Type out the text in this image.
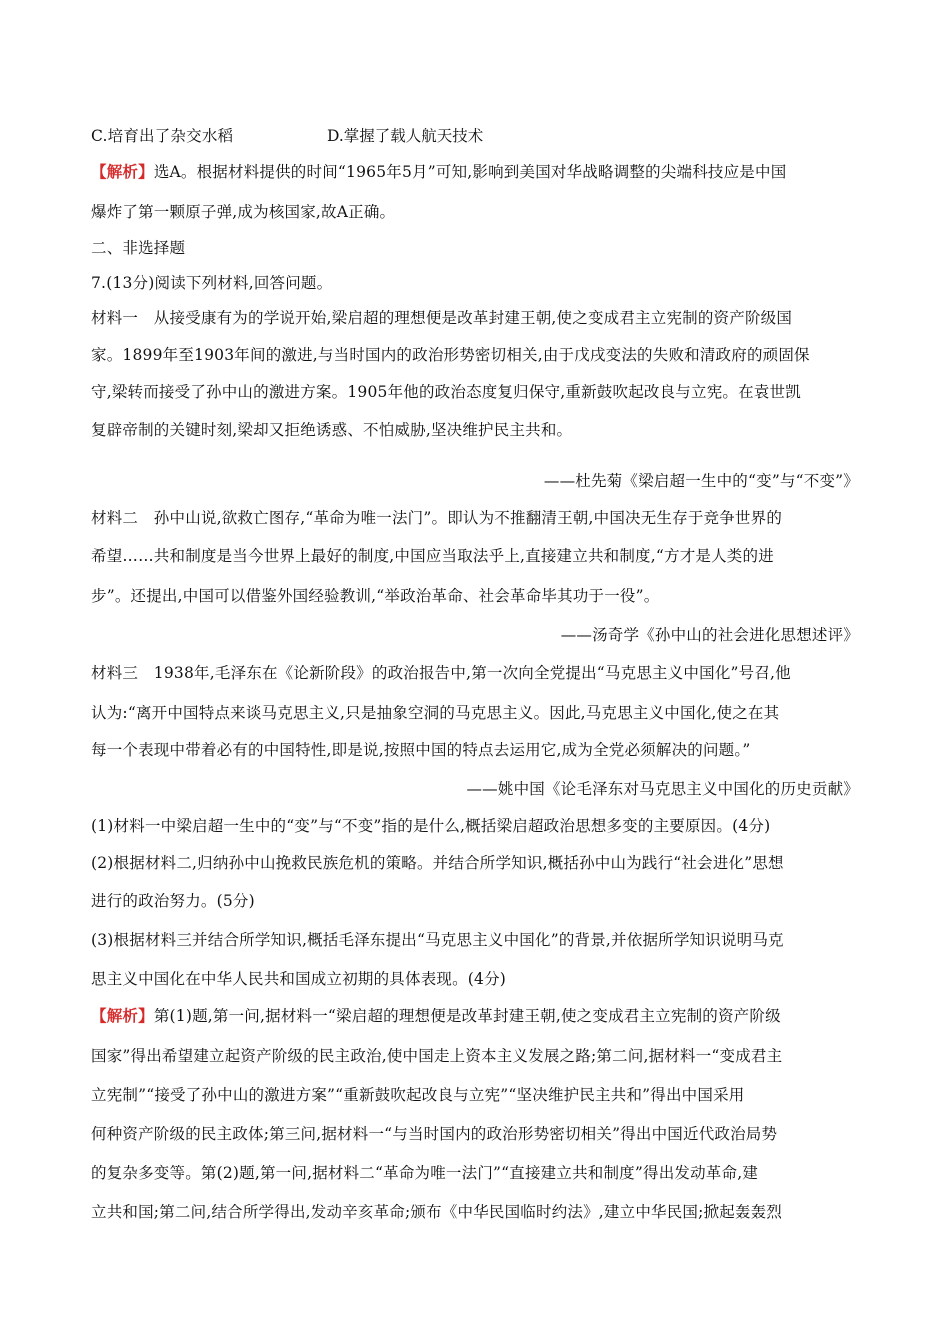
C.培育出了杂交水稻	D.掌握了载人航天技术
【解析】选A。根据材料提供的时间“1965年5月”可知,影响到美国对华战略调整的尖端科技应是中国
爆炸了第一颗原子弹,成为核国家,故A正确。
二、非选择题
7.(13分)阅读下列材料,回答问题。
材料一　从接受康有为的学说开始,梁启超的理想便是改革封建王朝,使之变成君主立宪制的资产阶级国
家。1899年至1903年间的激进,与当时国内的政治形势密切相关,由于戊戌变法的失败和清政府的顽固保
守,梁转而接受了孙中山的激进方案。1905年他的政治态度复归保守,重新鼓吹起改良与立宪。在袁世凯
复辟帝制的关键时刻,梁却又拒绝诱惑、不怕威胁,坚决维护民主共和。
——杜先菊《梁启超一生中的“变”与“不变”》
材料二　孙中山说,欲救亡图存,“革命为唯一法门”。即认为不推翻清王朝,中国决无生存于竞争世界的
希望……共和制度是当今世界上最好的制度,中国应当取法乎上,直接建立共和制度,“方才是人类的进
步”。还提出,中国可以借鉴外国经验教训,“举政治革命、社会革命毕其功于一役”。
——汤奇学《孙中山的社会进化思想述评》
材料三　1938年,毛泽东在《论新阶段》的政治报告中,第一次向全党提出“马克思主义中国化”号召,他
认为:“离开中国特点来谈马克思主义,只是抽象空洞的马克思主义。因此,马克思主义中国化,使之在其
每一个表现中带着必有的中国特性,即是说,按照中国的特点去运用它,成为全党必须解决的问题。”
——姚中国《论毛泽东对马克思主义中国化的历史贡献》
(1)材料一中梁启超一生中的“变”与“不变”指的是什么,概括梁启超政治思想多变的主要原因。(4分)
(2)根据材料二,归纳孙中山挽救民族危机的策略。并结合所学知识,概括孙中山为践行“社会进化”思想
进行的政治努力。(5分)
(3)根据材料三并结合所学知识,概括毛泽东提出“马克思主义中国化”的背景,并依据所学知识说明马克
思主义中国化在中华人民共和国成立初期的具体表现。(4分)
【解析】第(1)题,第一问,据材料一“梁启超的理想便是改革封建王朝,使之变成君主立宪制的资产阶级
国家”得出希望建立起资产阶级的民主政治,使中国走上资本主义发展之路;第二问,据材料一“变成君主
立宪制”“接受了孙中山的激进方案”“重新鼓吹起改良与立宪”“坚决维护民主共和”得出中国采用
何种资产阶级的民主政体;第三问,据材料一“与当时国内的政治形势密切相关”得出中国近代政治局势
的复杂多变等。第(2)题,第一问,据材料二“革命为唯一法门”“直接建立共和制度”得出发动革命,建
立共和国;第二问,结合所学得出,发动辛亥革命;颁布《中华民国临时约法》,建立中华民国;掀起轰轰烈
